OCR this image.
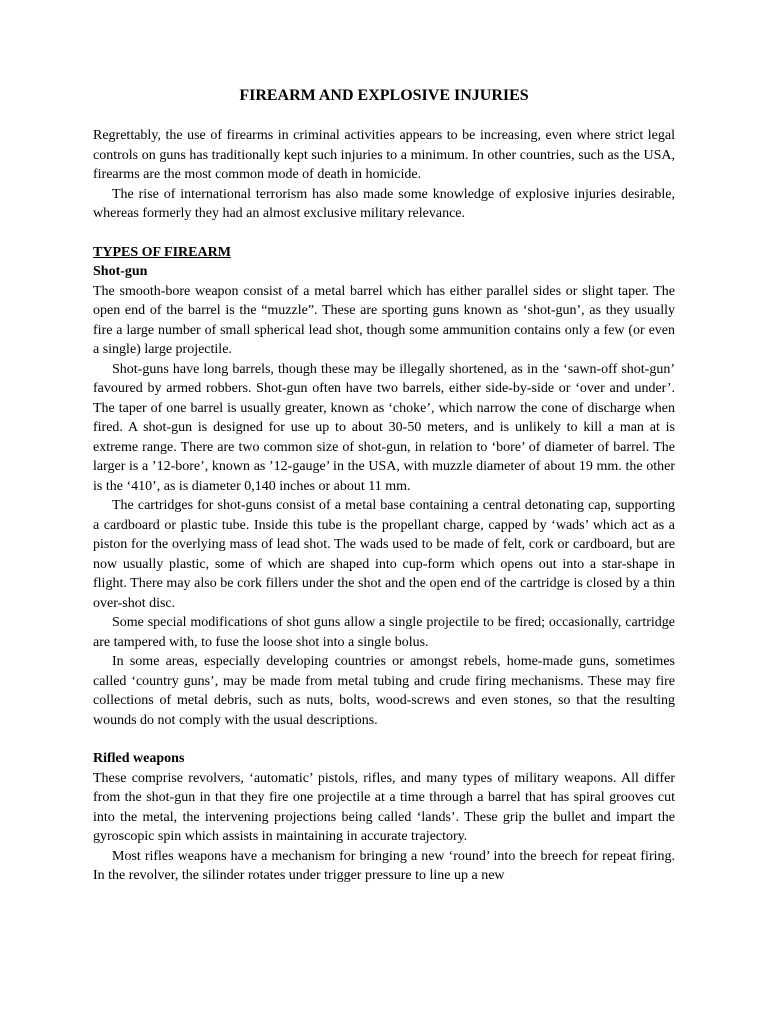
FIREARM AND EXPLOSIVE INJURIES

Regrettably, the use of firearms in criminal activities appears to be increasing, even where strict legal controls on guns has traditionally kept such injuries to a minimum. In other countries, such as the USA, firearms are the most common mode of death in homicide.

The rise of international terrorism has also made some knowledge of explosive injuries desirable, whereas formerly they had an almost exclusive military relevance.

TYPES OF FIREARM
Shot-gun

The smooth-bore weapon consist of a metal barrel which has either parallel sides or slight taper. The open end of the barrel is the “muzzle”. These are sporting guns known as ‘shot-gun’, as they usually fire a large number of small spherical lead shot, though some ammunition contains only a few (or even a single) large projectile.

Shot-guns have long barrels, though these may be illegally shortened, as in the ‘sawn-off shot-gun’ favoured by armed robbers. Shot-gun often have two barrels, either side-by-side or ‘over and under’. The taper of one barrel is usually greater, known as ‘choke’, which narrow the cone of discharge when fired. A shot-gun is designed for use up to about 30-50 meters, and is unlikely to kill a man at is extreme range. There are two common size of shot-gun, in relation to ‘bore’ of diameter of barrel. The larger is a ’12-bore’, known as ’12-gauge’ in the USA, with muzzle diameter of about 19 mm. the other is the ‘410’, as is diameter 0,140 inches or about 11 mm.

The cartridges for shot-guns consist of a metal base containing a central detonating cap, supporting a cardboard or plastic tube. Inside this tube is the propellant charge, capped by ‘wads’ which act as a piston for the overlying mass of lead shot. The wads used to be made of felt, cork or cardboard, but are now usually plastic, some of which are shaped into cup-form which opens out into a star-shape in flight. There may also be cork fillers under the shot and the open end of the cartridge is closed by a thin over-shot disc.

Some special modifications of shot guns allow a single projectile to be fired; occasionally, cartridge are tampered with, to fuse the loose shot into a single bolus.

In some areas, especially developing countries or amongst rebels, home-made guns, sometimes called ‘country guns’, may be made from metal tubing and crude firing mechanisms. These may fire collections of metal debris, such as nuts, bolts, wood-screws and even stones, so that the resulting wounds do not comply with the usual descriptions.

Rifled weapons

These comprise revolvers, ‘automatic’ pistols, rifles, and many types of military weapons. All differ from the shot-gun in that they fire one projectile at a time through a barrel that has spiral grooves cut into the metal, the intervening projections being called ‘lands’. These grip the bullet and impart the gyroscopic spin which assists in maintaining in accurate trajectory.

Most rifles weapons have a mechanism for bringing a new ‘round’ into the breech for repeat firing. In the revolver, the silinder rotates under trigger pressure to line up a new
